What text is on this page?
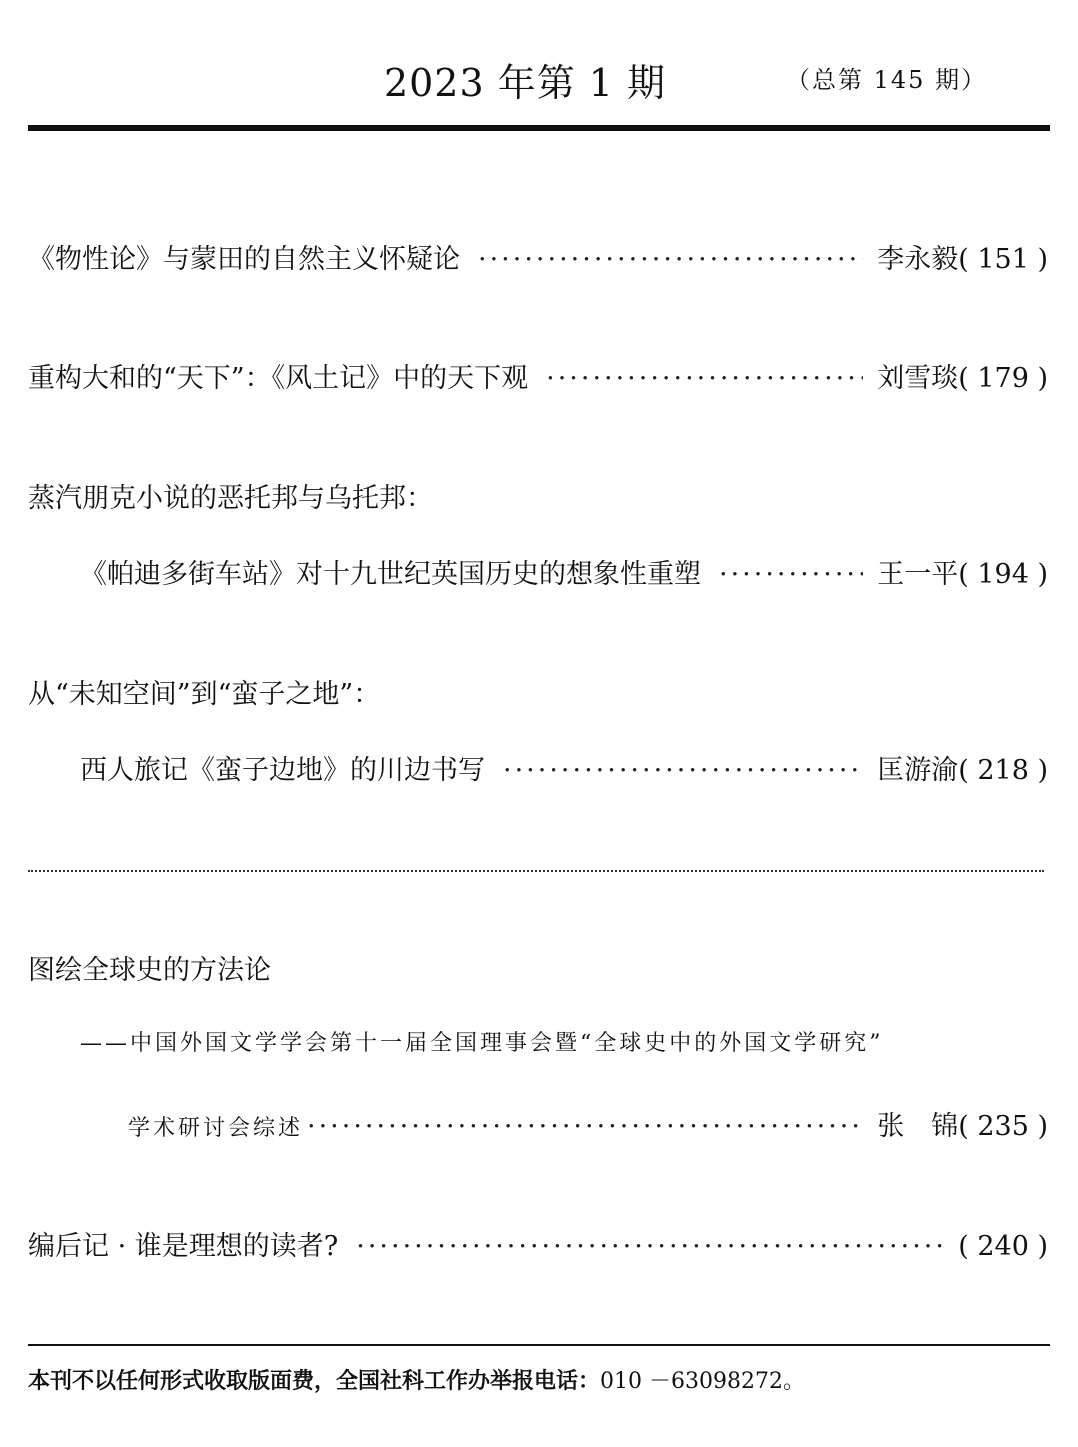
2023 年第 1 期	（总第 145 期）
《物性论》与蒙田的自然主义怀疑论 ·····	李永毅 ( 151 )
重构大和的“天下”：《风土记》中的天下观 ·····	刘雪琰 ( 179 )
蒸汽朋克小说的恶托邦与乌托邦：
《帕迪多街车站》对十九世纪英国历史的想象性重塑 ·····	王一平 ( 194 )
从“未知空间”到“蛮子之地”：
西人旅记《蛮子边地》的川边书写 ·····	匡游渝 ( 218 )
图绘全球史的方法论
——中国外国文学学会第十一届全国理事会暨“全球史中的外国文学研究”
学术研讨会综述 ·····	张　锦 ( 235 )
编后记 · 谁是理想的读者? ·····	( 240 )
本刊不以任何形式收取版面费，全国社科工作办举报电话：010 －63098272。
